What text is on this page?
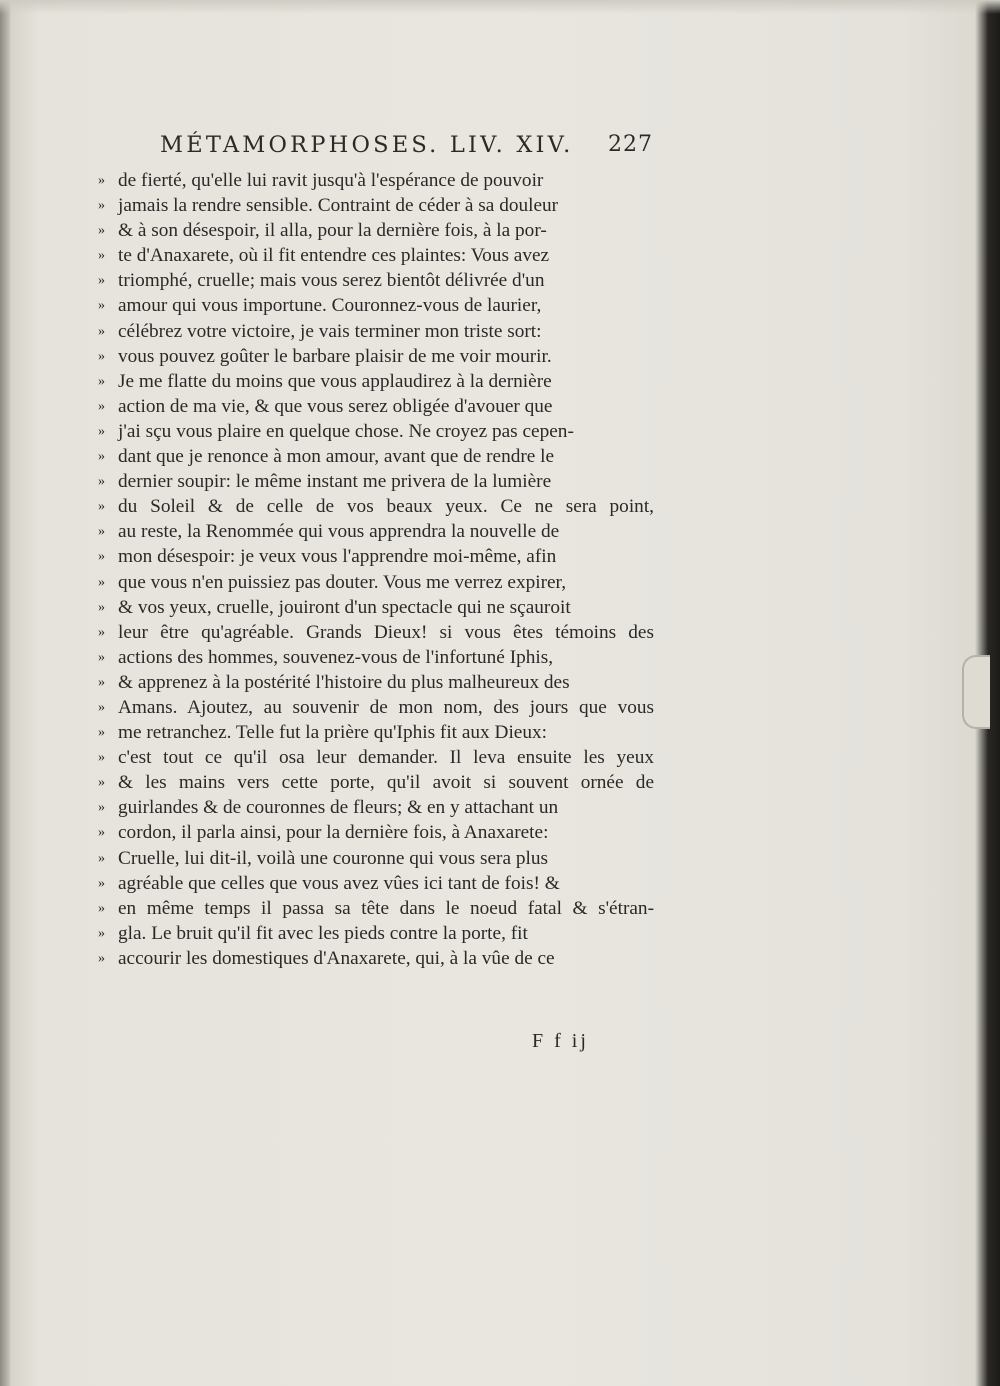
MÉTAMORPHOSES. LIV. XIV. 227
» de fierté, qu'elle lui ravit jusqu'à l'espérance de pouvoir
» jamais la rendre sensible. Contraint de céder à sa douleur
» & à son désespoir, il alla, pour la dernière fois, à la por-
» te d'Anaxarete, où il fit entendre ces plaintes: Vous avez
» triomphé, cruelle; mais vous serez bientôt délivrée d'un
» amour qui vous importune. Couronnez-vous de laurier,
» célébrez votre victoire, je vais terminer mon triste sort:
» vous pouvez goûter le barbare plaisir de me voir mourir.
» Je me flatte du moins que vous applaudirez à la dernière
» action de ma vie, & que vous serez obligée d'avouer que
» j'ai sçu vous plaire en quelque chose. Ne croyez pas cepen-
» dant que je renonce à mon amour, avant que de rendre le
» dernier soupir: le même instant me privera de la lumière
» du Soleil & de celle de vos beaux yeux. Ce ne sera point,
» au reste, la Renommée qui vous apprendra la nouvelle de
» mon désespoir: je veux vous l'apprendre moi-même, afin
» que vous n'en puissiez pas douter. Vous me verrez expirer,
» & vos yeux, cruelle, jouiront d'un spectacle qui ne sçauroit
» leur être qu'agréable. Grands Dieux! si vous êtes témoins des
» actions des hommes, souvenez-vous de l'infortuné Iphis,
» & apprenez à la postérité l'histoire du plus malheureux des
» Amans. Ajoutez, au souvenir de mon nom, des jours que vous
» me retranchez. Telle fut la prière qu'Iphis fit aux Dieux:
» c'est tout ce qu'il osa leur demander. Il leva ensuite les yeux
» & les mains vers cette porte, qu'il avoit si souvent ornée de
» guirlandes & de couronnes de fleurs; & en y attachant un
» cordon, il parla ainsi, pour la dernière fois, à Anaxarete:
» Cruelle, lui dit-il, voilà une couronne qui vous sera plus
» agréable que celles que vous avez vûes ici tant de fois! &
» en même temps il passa sa tête dans le noeud fatal & s'étran-
» gla. Le bruit qu'il fit avec les pieds contre la porte, fit
» accourir les domestiques d'Anaxarete, qui, à la vûe de ce
F f ij
